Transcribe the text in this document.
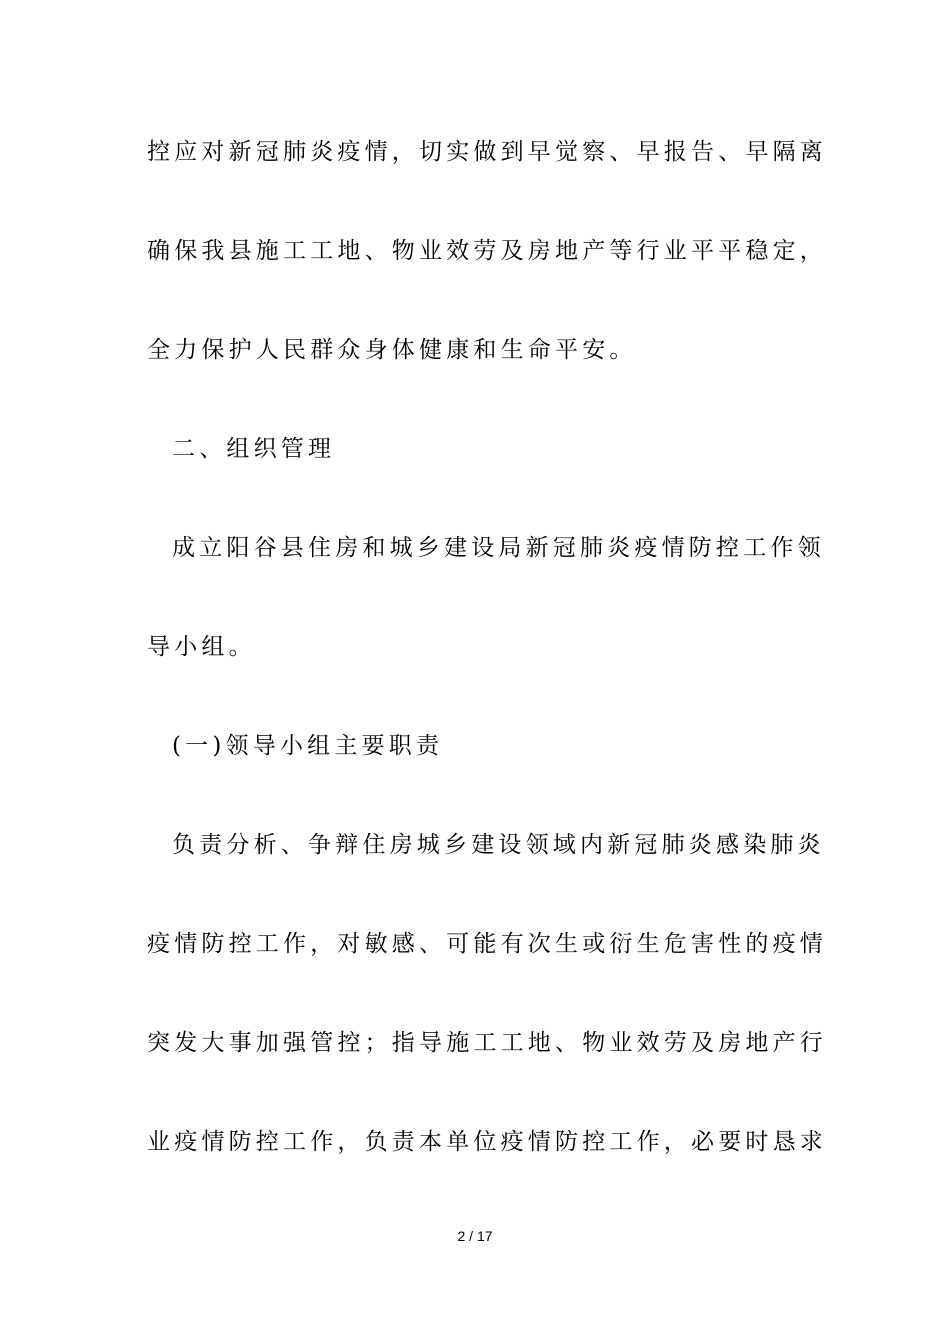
控应对新冠肺炎疫情，切实做到早觉察、早报告、早隔离
确保我县施工工地、物业效劳及房地产等行业平平稳定，
全力保护人民群众身体健康和生命平安。
二、组织管理
成立阳谷县住房和城乡建设局新冠肺炎疫情防控工作领
导小组。
(一)领导小组主要职责
负责分析、争辩住房城乡建设领域内新冠肺炎感染肺炎
疫情防控工作，对敏感、可能有次生或衍生危害性的疫情
突发大事加强管控；指导施工工地、物业效劳及房地产行
业疫情防控工作，负责本单位疫情防控工作，必要时恳求
2 / 17
